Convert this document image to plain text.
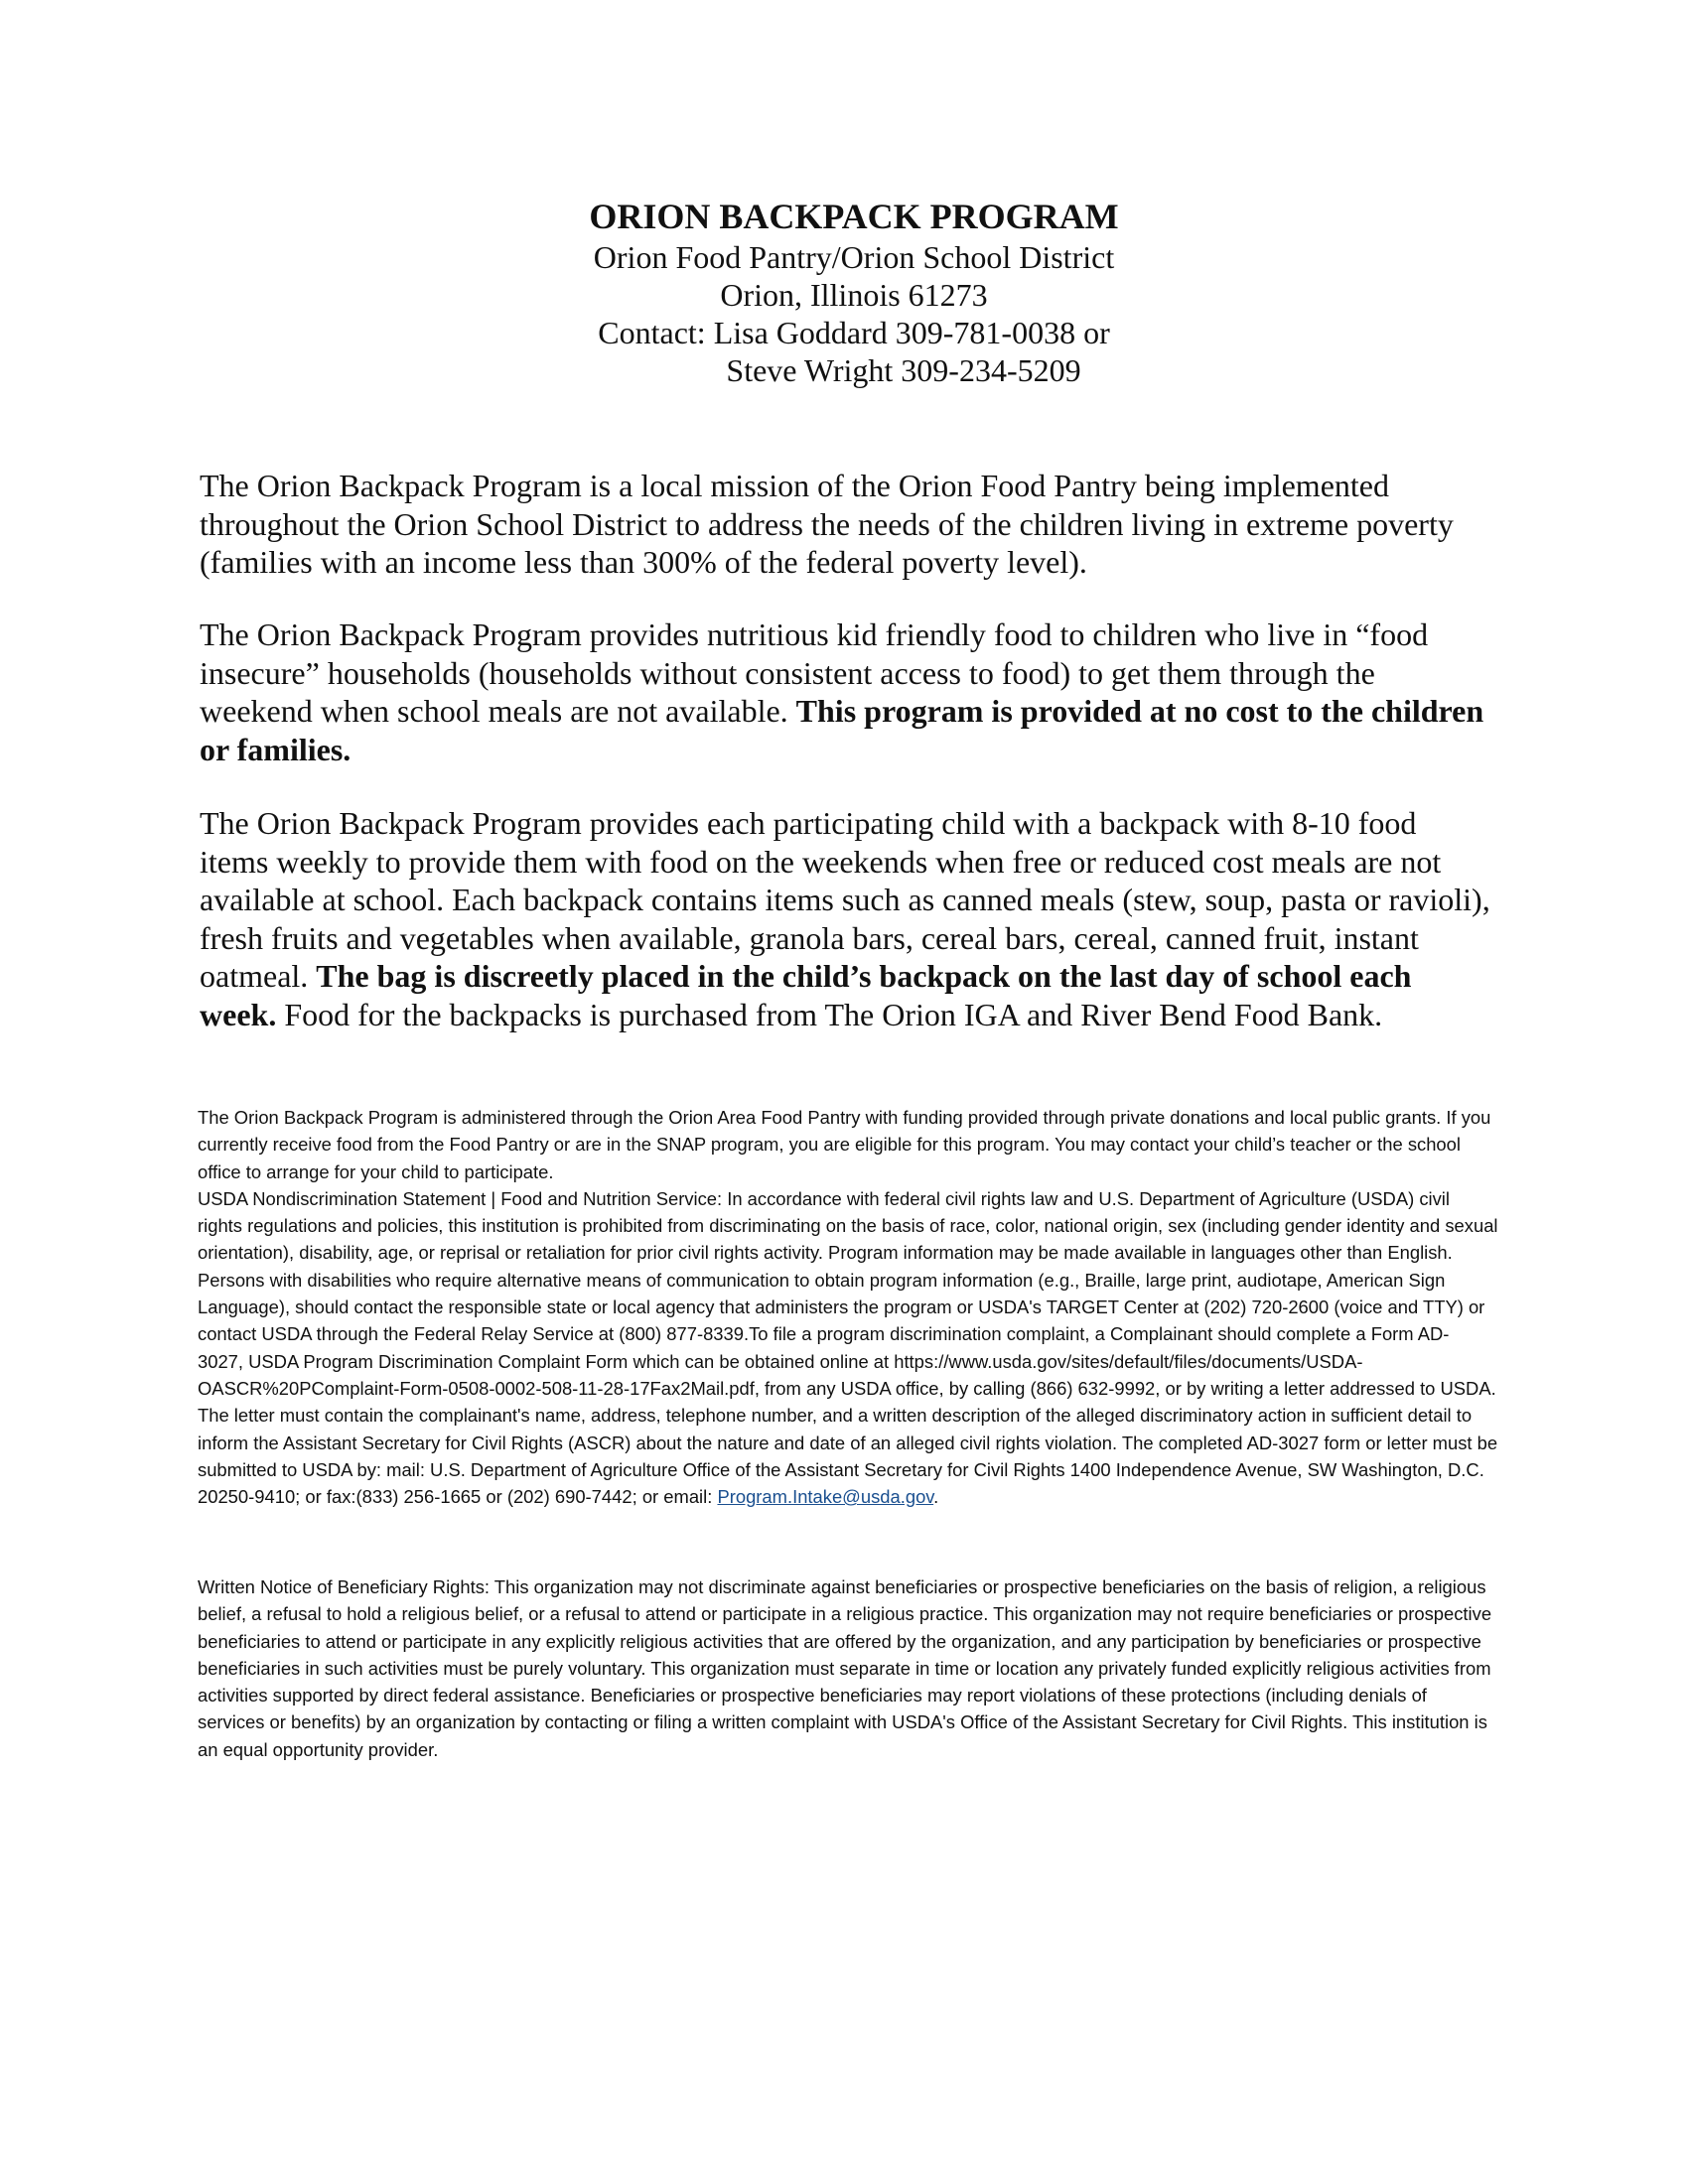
ORION BACKPACK PROGRAM
Orion Food Pantry/Orion School District
Orion, Illinois 61273
Contact: Lisa Goddard 309-781-0038 or
Steve Wright 309-234-5209

The Orion Backpack Program is a local mission of the Orion Food Pantry being implemented throughout the Orion School District to address the needs of the children living in extreme poverty (families with an income less than 300% of the federal poverty level).

The Orion Backpack Program provides nutritious kid friendly food to children who live in “food insecure” households (households without consistent access to food) to get them through the weekend when school meals are not available. This program is provided at no cost to the children or families.

The Orion Backpack Program provides each participating child with a backpack with 8-10 food items weekly to provide them with food on the weekends when free or reduced cost meals are not available at school. Each backpack contains items such as canned meals (stew, soup, pasta or ravioli), fresh fruits and vegetables when available, granola bars, cereal bars, cereal, canned fruit, instant oatmeal. The bag is discreetly placed in the child’s backpack on the last day of school each week. Food for the backpacks is purchased from The Orion IGA and River Bend Food Bank.

The Orion Backpack Program is administered through the Orion Area Food Pantry with funding provided through private donations and local public grants. If you currently receive food from the Food Pantry or are in the SNAP program, you are eligible for this program. You may contact your child’s teacher or the school office to arrange for your child to participate.
USDA Nondiscrimination Statement | Food and Nutrition Service: In accordance with federal civil rights law and U.S. Department of Agriculture (USDA) civil rights regulations and policies, this institution is prohibited from discriminating on the basis of race, color, national origin, sex (including gender identity and sexual orientation), disability, age, or reprisal or retaliation for prior civil rights activity. Program information may be made available in languages other than English. Persons with disabilities who require alternative means of communication to obtain program information (e.g., Braille, large print, audiotape, American Sign Language), should contact the responsible state or local agency that administers the program or USDA's TARGET Center at (202) 720-2600 (voice and TTY) or contact USDA through the Federal Relay Service at (800) 877-8339.To file a program discrimination complaint, a Complainant should complete a Form AD- 3027, USDA Program Discrimination Complaint Form which can be obtained online at https://www.usda.gov/sites/default/files/documents/USDA-OASCR%20PComplaint-Form-0508-0002-508-11-28-17Fax2Mail.pdf, from any USDA office, by calling (866) 632-9992, or by writing a letter addressed to USDA. The letter must contain the complainant's name, address, telephone number, and a written description of the alleged discriminatory action in sufficient detail to inform the Assistant Secretary for Civil Rights (ASCR) about the nature and date of an alleged civil rights violation. The completed AD-3027 form or letter must be submitted to USDA by: mail: U.S. Department of Agriculture Office of the Assistant Secretary for Civil Rights 1400 Independence Avenue, SW Washington, D.C. 20250-9410; or fax:(833) 256-1665 or (202) 690-7442; or email: Program.Intake@usda.gov.
Written Notice of Beneficiary Rights: This organization may not discriminate against beneficiaries or prospective beneficiaries on the basis of religion, a religious belief, a refusal to hold a religious belief, or a refusal to attend or participate in a religious practice. This organization may not require beneficiaries or prospective beneficiaries to attend or participate in any explicitly religious activities that are offered by the organization, and any participation by beneficiaries or prospective beneficiaries in such activities must be purely voluntary. This organization must separate in time or location any privately funded explicitly religious activities from activities supported by direct federal assistance. Beneficiaries or prospective beneficiaries may report violations of these protections (including denials of services or benefits) by an organization by contacting or filing a written complaint with USDA's Office of the Assistant Secretary for Civil Rights. This institution is an equal opportunity provider.
